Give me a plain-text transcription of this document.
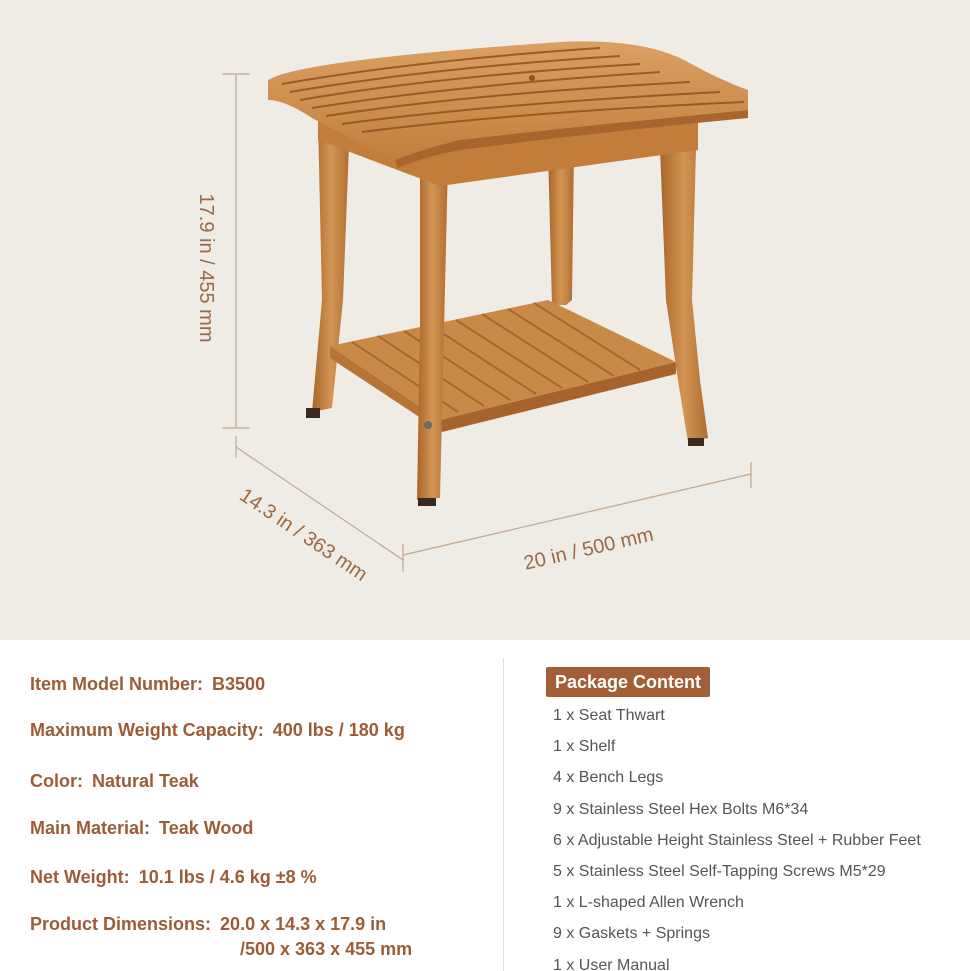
17.9 in / 455 mm
14.3 in / 363 mm	20 in / 500 mm
Item Model Number: B3500
Maximum Weight Capacity: 400 lbs / 180 kg
Color: Natural Teak
Main Material: Teak Wood
Net Weight: 10.1 lbs / 4.6 kg ±8 %
Product Dimensions: 20.0 x 14.3 x 17.9 in
/500 x 363 x 455 mm
Package Content
1 x Seat Thwart
1 x Shelf
4 x Bench Legs
9 x Stainless Steel Hex Bolts M6*34
6 x Adjustable Height Stainless Steel + Rubber Feet
5 x Stainless Steel Self-Tapping Screws M5*29
1 x L-shaped Allen Wrench
9 x Gaskets + Springs
1 x User Manual
